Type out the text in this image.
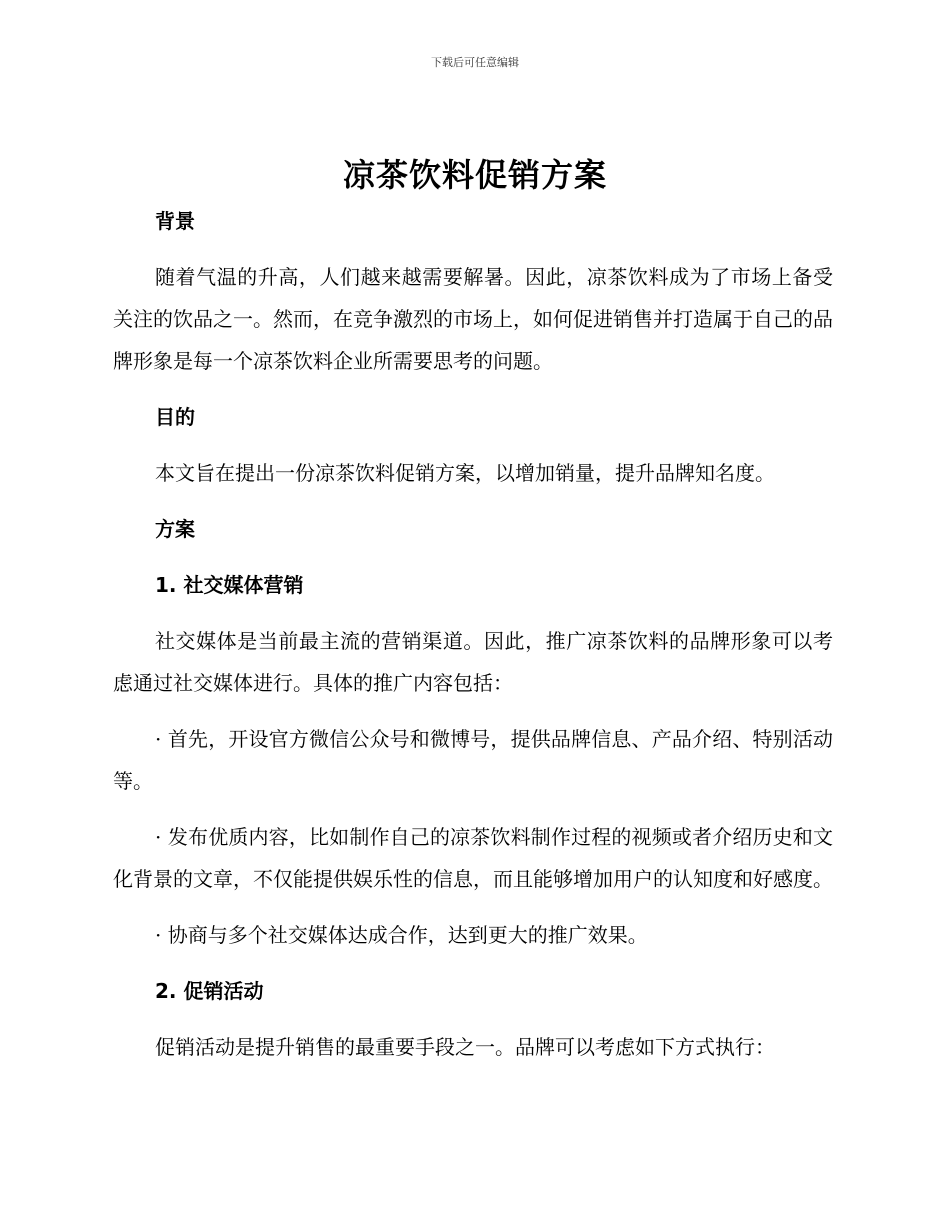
下载后可任意编辑
凉茶饮料促销方案

背景

随着气温的升高，人们越来越需要解暑。因此，凉茶饮料成为了市场上备受关注的饮品之一。然而，在竞争激烈的市场上，如何促进销售并打造属于自己的品牌形象是每一个凉茶饮料企业所需要思考的问题。

目的

本文旨在提出一份凉茶饮料促销方案，以增加销量，提升品牌知名度。

方案

1. 社交媒体营销

社交媒体是当前最主流的营销渠道。因此，推广凉茶饮料的品牌形象可以考虑通过社交媒体进行。具体的推广内容包括：

· 首先，开设官方微信公众号和微博号，提供品牌信息、产品介绍、特别活动等。

· 发布优质内容，比如制作自己的凉茶饮料制作过程的视频或者介绍历史和文化背景的文章，不仅能提供娱乐性的信息，而且能够增加用户的认知度和好感度。

· 协商与多个社交媒体达成合作，达到更大的推广效果。

2. 促销活动

促销活动是提升销售的最重要手段之一。品牌可以考虑如下方式执行：
